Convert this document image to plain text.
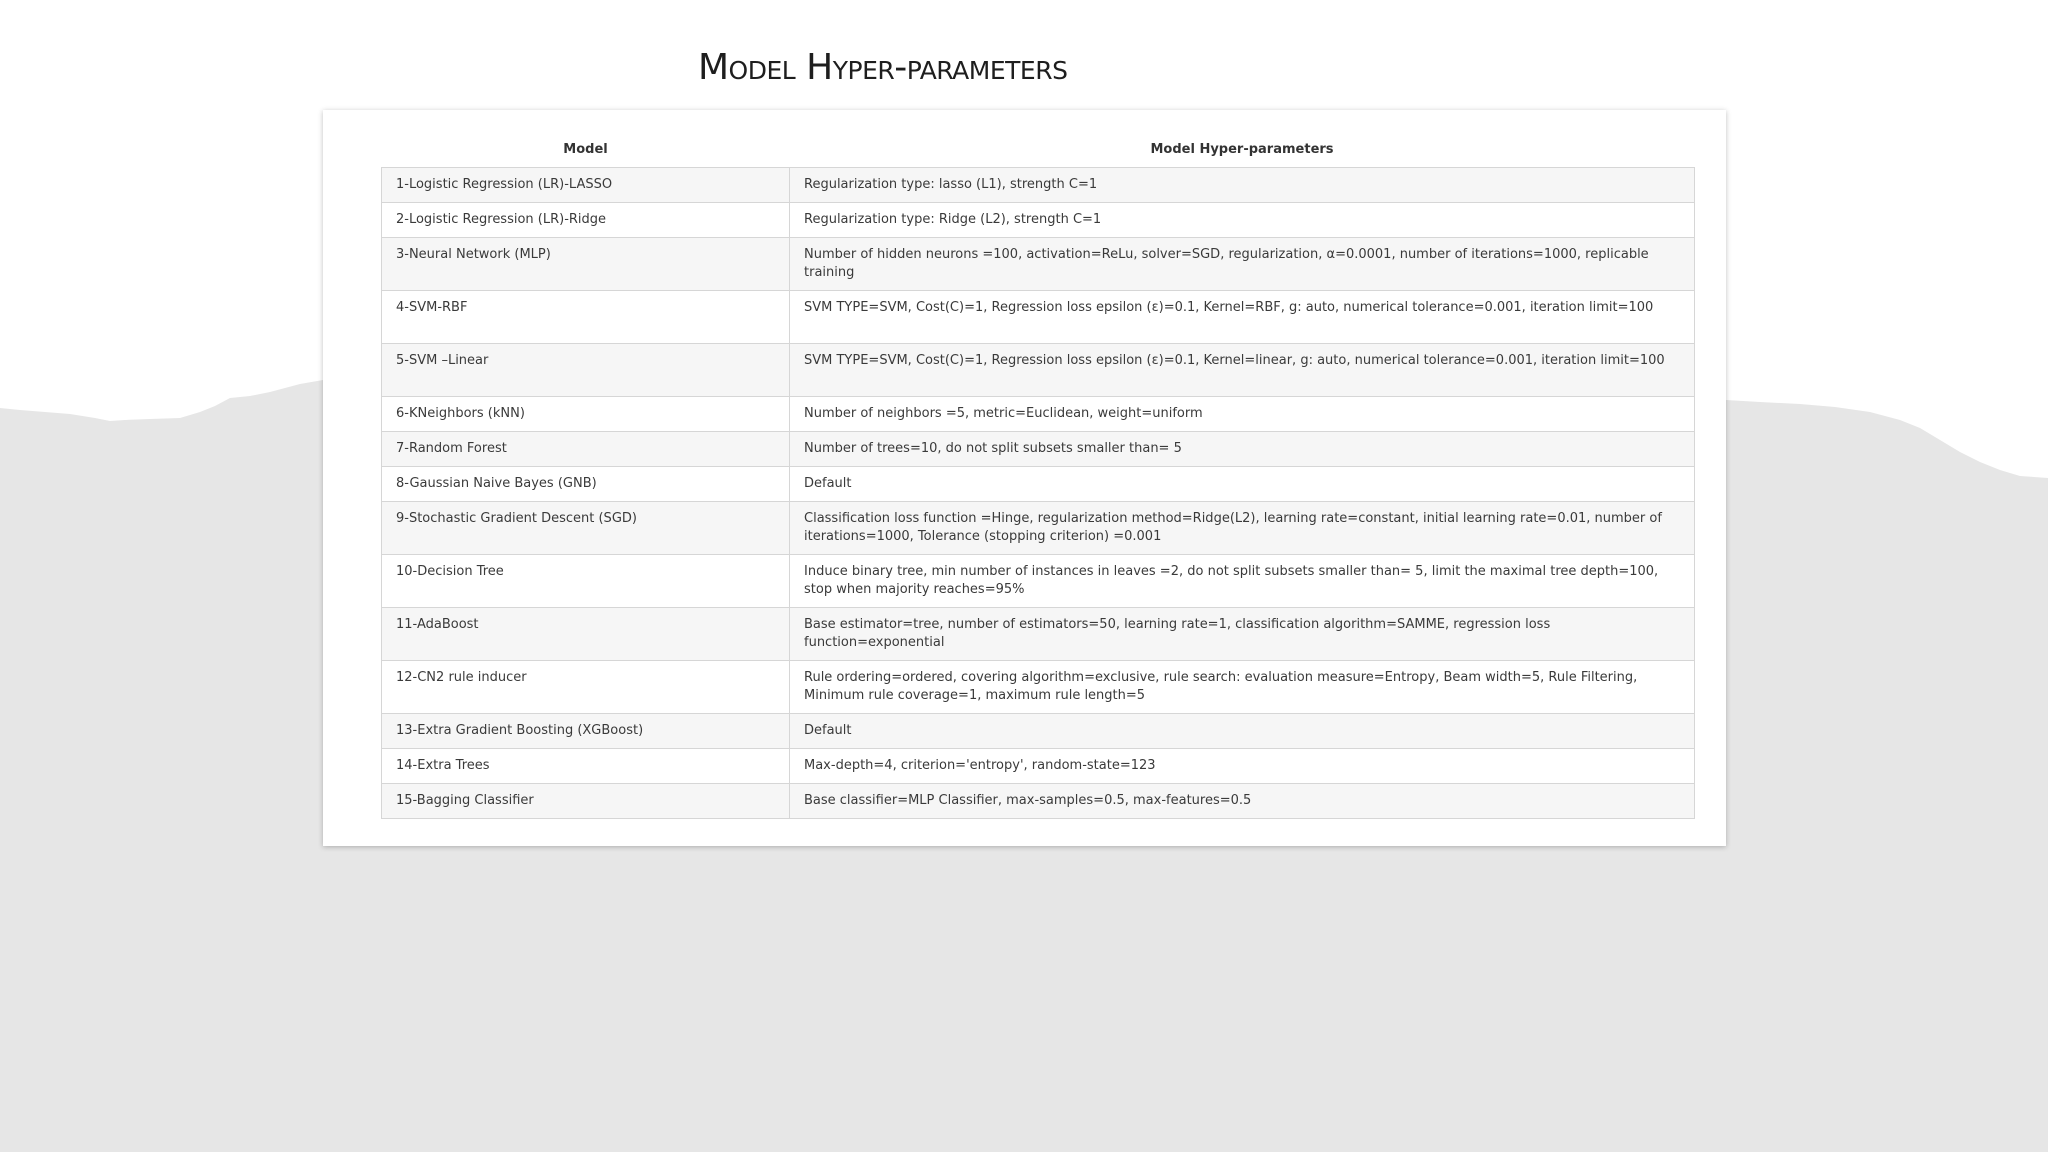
Model Hyper-parameters
Model	Model Hyper-parameters
1-Logistic Regression (LR)-LASSO	Regularization type: lasso (L1), strength C=1
2-Logistic Regression (LR)-Ridge	Regularization type: Ridge (L2), strength C=1
3-Neural Network (MLP)	Number of hidden neurons =100, activation=ReLu, solver=SGD, regularization, α=0.0001, number of iterations=1000, replicable training
4-SVM-RBF	SVM TYPE=SVM, Cost(C)=1, Regression loss epsilon (ε)=0.1, Kernel=RBF, g: auto, numerical tolerance=0.001, iteration limit=100
5-SVM –Linear	SVM TYPE=SVM, Cost(C)=1, Regression loss epsilon (ε)=0.1, Kernel=linear, g: auto, numerical tolerance=0.001, iteration limit=100
6-KNeighbors (kNN)	Number of neighbors =5, metric=Euclidean, weight=uniform
7-Random Forest	Number of trees=10, do not split subsets smaller than= 5
8-Gaussian Naive Bayes (GNB)	Default
9-Stochastic Gradient Descent (SGD)	Classification loss function =Hinge, regularization method=Ridge(L2), learning rate=constant, initial learning rate=0.01, number of iterations=1000, Tolerance (stopping criterion) =0.001
10-Decision Tree	Induce binary tree, min number of instances in leaves =2, do not split subsets smaller than= 5, limit the maximal tree depth=100, stop when majority reaches=95%
11-AdaBoost	Base estimator=tree, number of estimators=50, learning rate=1, classification algorithm=SAMME, regression loss function=exponential
12-CN2 rule inducer	Rule ordering=ordered, covering algorithm=exclusive, rule search: evaluation measure=Entropy, Beam width=5, Rule Filtering, Minimum rule coverage=1, maximum rule length=5
13-Extra Gradient Boosting (XGBoost)	Default
14-Extra Trees	Max-depth=4, criterion='entropy', random-state=123
15-Bagging Classifier	Base classifier=MLP Classifier, max-samples=0.5, max-features=0.5
